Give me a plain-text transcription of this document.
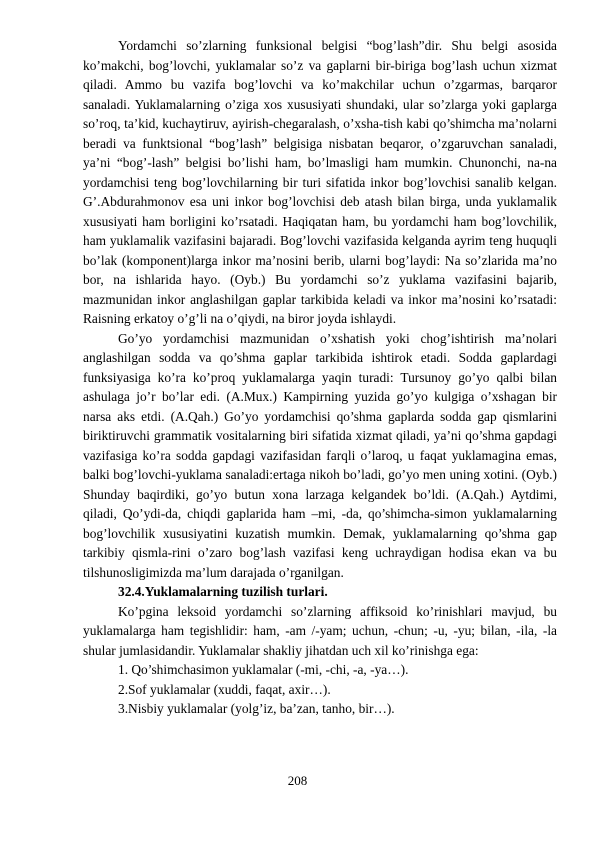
Yordamchi so’zlarning funksional belgisi “bog’lash”dir. Shu belgi asosida ko’makchi, bog’lovchi, yuklamalar so’z va gaplarni bir-biriga bog’lash uchun xizmat qiladi. Ammo bu vazifa bog’lovchi va ko’makchilar uchun o’zgarmas, barqaror sanaladi. Yuklamalarning o’ziga xos xususiyati shundaki, ular so’zlarga yoki gaplarga so’roq, ta’kid, kuchaytiruv, ayirish-chegaralash, o’xsha-tish kabi qo’shimcha ma’nolarni beradi va funktsional “bog’lash” belgisiga nisbatan beqaror, o’zgaruvchan sanaladi, ya’ni “bog’-lash” belgisi bo’lishi ham, bo’lmasligi ham mumkin. Chunonchi, na-na yordamchisi teng bog’lovchilarning bir turi sifatida inkor bog’lovchisi sanalib kelgan. G’.Abdurahmonov esa uni inkor bog’lovchisi deb atash bilan birga, unda yuklamalik xususiyati ham borligini ko’rsatadi. Haqiqatan ham, bu yordamchi ham bog’lovchilik, ham yuklamalik vazifasini bajaradi. Bog’lovchi vazifasida kelganda ayrim teng huquqli bo’lak (komponent)larga inkor ma’nosini berib, ularni bog’laydi: Na so’zlarida ma’no bor, na ishlarida hayo. (Oyb.) Bu yordamchi so’z yuklama vazifasini bajarib, mazmunidan inkor anglashilgan gaplar tarkibida keladi va inkor ma’nosini ko’rsatadi: Raisning erkatoy o’g’li na o’qiydi, na biror joyda ishlaydi.

Go’yo yordamchisi mazmunidan o’xshatish yoki chog’ishtirish ma’nolari anglashilgan sodda va qo’shma gaplar tarkibida ishtirok etadi. Sodda gaplardagi funksiyasiga ko’ra ko’proq yuklamalarga yaqin turadi: Tursunoy go’yo qalbi bilan ashulaga jo’r bo’lar edi. (A.Mux.) Kampirning yuzida go’yo kulgiga o’xshagan bir narsa aks etdi. (A.Qah.) Go’yo yordamchisi qo’shma gaplarda sodda gap qismlarini biriktiruvchi grammatik vositalarning biri sifatida xizmat qiladi, ya’ni qo’shma gapdagi vazifasiga ko’ra sodda gapdagi vazifasidan farqli o’laroq, u faqat yuklamagina emas, balki bog’lovchi-yuklama sanaladi:ertaga nikoh bo’ladi, go’yo men uning xotini. (Oyb.) Shunday baqirdiki, go’yo butun xona larzaga kelgandek bo’ldi. (A.Qah.) Aytdimi, qiladi, Qo’ydi-da, chiqdi gaplarida ham –mi, -da, qo’shimcha-simon yuklamalarning bog’lovchilik xususiyatini kuzatish mumkin. Demak, yuklamalarning qo’shma gap tarkibiy qismla-rini o’zaro bog’lash vazifasi keng uchraydigan hodisa ekan va bu tilshunosligimizda ma’lum darajada o’rganilgan.

32.4.Yuklamalarning tuzilish turlari.

Ko’pgina leksoid yordamchi so’zlarning affiksoid ko’rinishlari mavjud, bu yuklamalarga ham tegishlidir: ham, -am /-yam; uchun, -chun; -u, -yu; bilan, -ila, -la shular jumlasidandir. Yuklamalar shakliy jihatdan uch xil ko’rinishga ega:

1. Qo’shimchasimon yuklamalar (-mi, -chi, -a, -ya…).

2.Sof yuklamalar (xuddi, faqat, axir…).

3.Nisbiy yuklamalar (yolg’iz, ba’zan, tanho, bir…).

208
